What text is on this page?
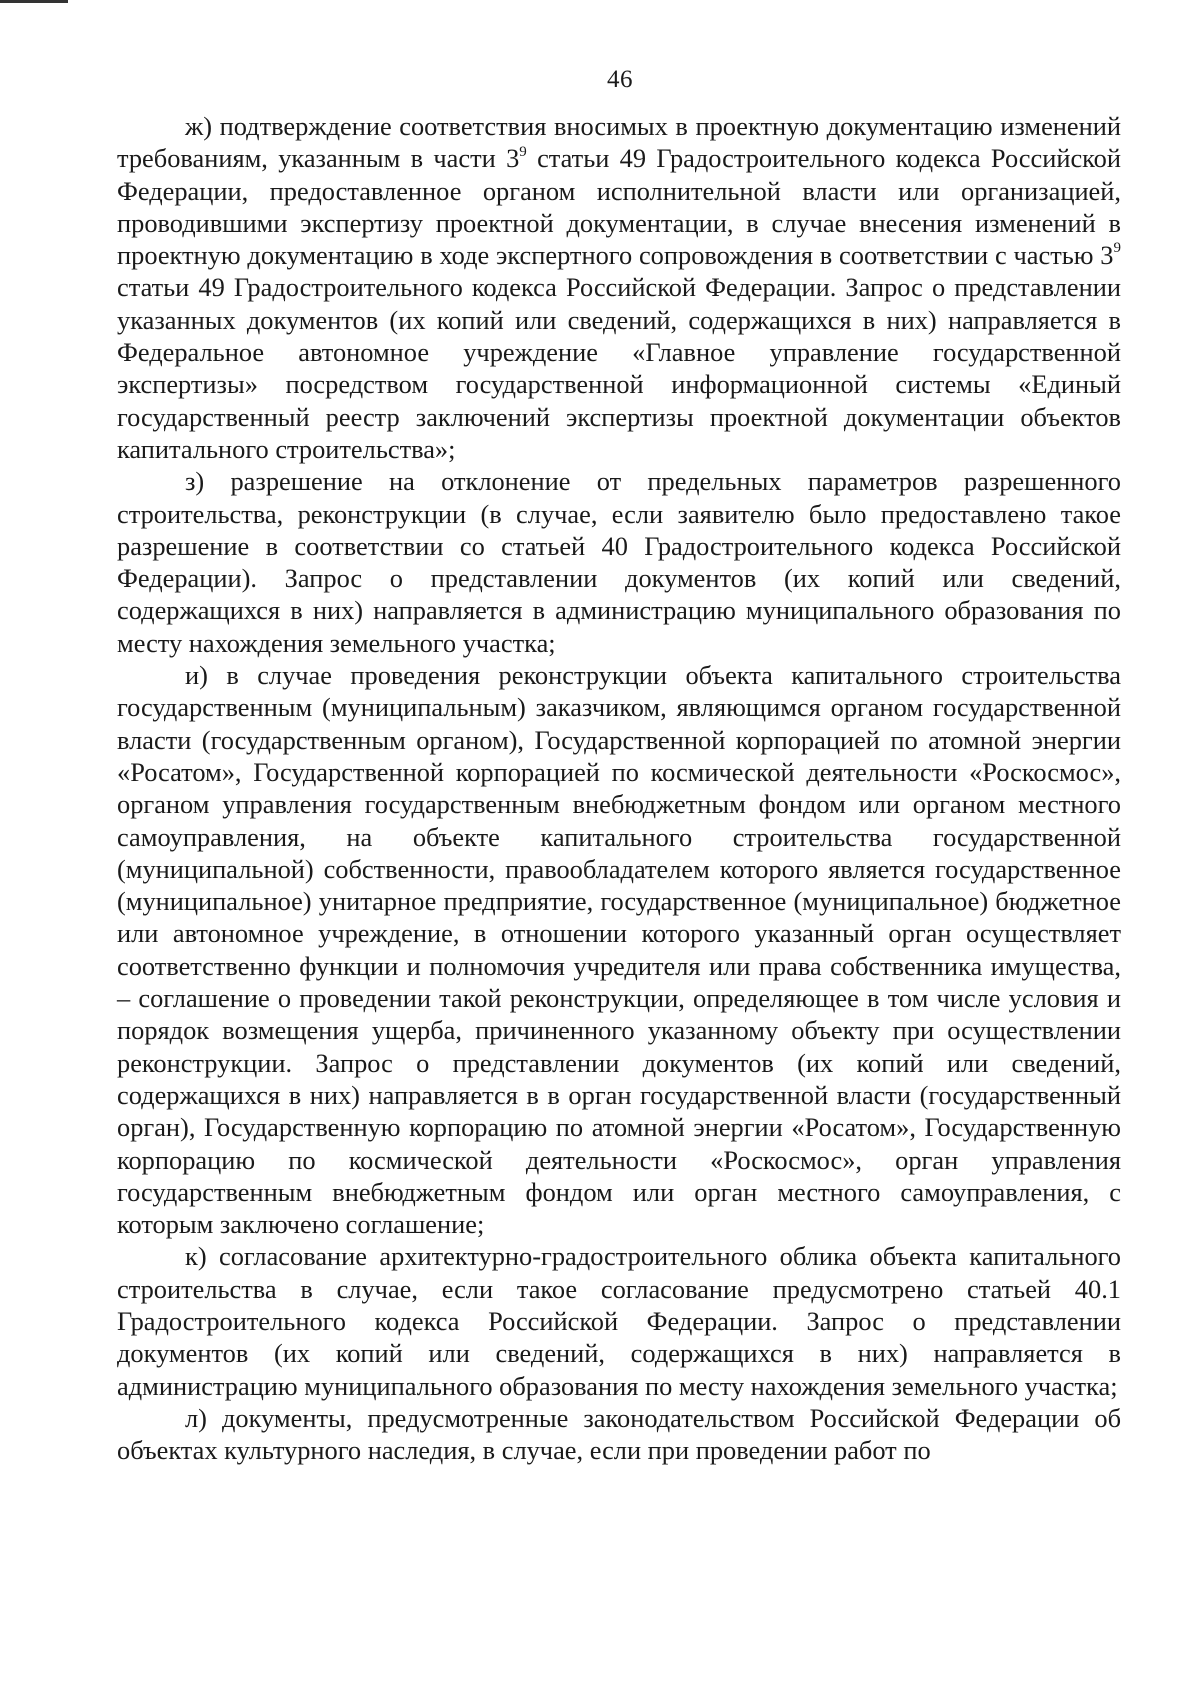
46

ж) подтверждение соответствия вносимых в проектную документацию изменений требованиям, указанным в части $3^9$ статьи 49 Градостроительного кодекса Российской Федерации, предоставленное органом исполнительной власти или организацией, проводившими экспертизу проектной документации, в случае внесения изменений в проектную документацию в ходе экспертного сопровождения в соответствии с частью $3^9$ статьи 49 Градостроительного кодекса Российской Федерации. Запрос о представлении указанных документов (их копий или сведений, содержащихся в них) направляется в Федеральное автономное учреждение «Главное управление государственной экспертизы» посредством государственной информационной системы «Единый государственный реестр заключений экспертизы проектной документации объектов капитального строительства»;

з) разрешение на отклонение от предельных параметров разрешенного строительства, реконструкции (в случае, если заявителю было предоставлено такое разрешение в соответствии со статьей 40 Градостроительного кодекса Российской Федерации). Запрос о представлении документов (их копий или сведений, содержащихся в них) направляется в администрацию муниципального образования по месту нахождения земельного участка;

и) в случае проведения реконструкции объекта капитального строительства государственным (муниципальным) заказчиком, являющимся органом государственной власти (государственным органом), Государственной корпорацией по атомной энергии «Росатом», Государственной корпорацией по космической деятельности «Роскосмос», органом управления государственным внебюджетным фондом или органом местного самоуправления, на объекте капитального строительства государственной (муниципальной) собственности, правообладателем которого является государственное (муниципальное) унитарное предприятие, государственное (муниципальное) бюджетное или автономное учреждение, в отношении которого указанный орган осуществляет соответственно функции и полномочия учредителя или права собственника имущества, – соглашение о проведении такой реконструкции, определяющее в том числе условия и порядок возмещения ущерба, причиненного указанному объекту при осуществлении реконструкции. Запрос о представлении документов (их копий или сведений, содержащихся в них) направляется в в орган государственной власти (государственный орган), Государственную корпорацию по атомной энергии «Росатом», Государственную корпорацию по космической деятельности «Роскосмос», орган управления государственным внебюджетным фондом или орган местного самоуправления, с которым заключено соглашение;

к) согласование архитектурно-градостроительного облика объекта капитального строительства в случае, если такое согласование предусмотрено статьей 40.1 Градостроительного кодекса Российской Федерации. Запрос о представлении документов (их копий или сведений, содержащихся в них) направляется в администрацию муниципального образования по месту нахождения земельного участка;

л) документы, предусмотренные законодательством Российской Федерации об объектах культурного наследия, в случае, если при проведении работ по
